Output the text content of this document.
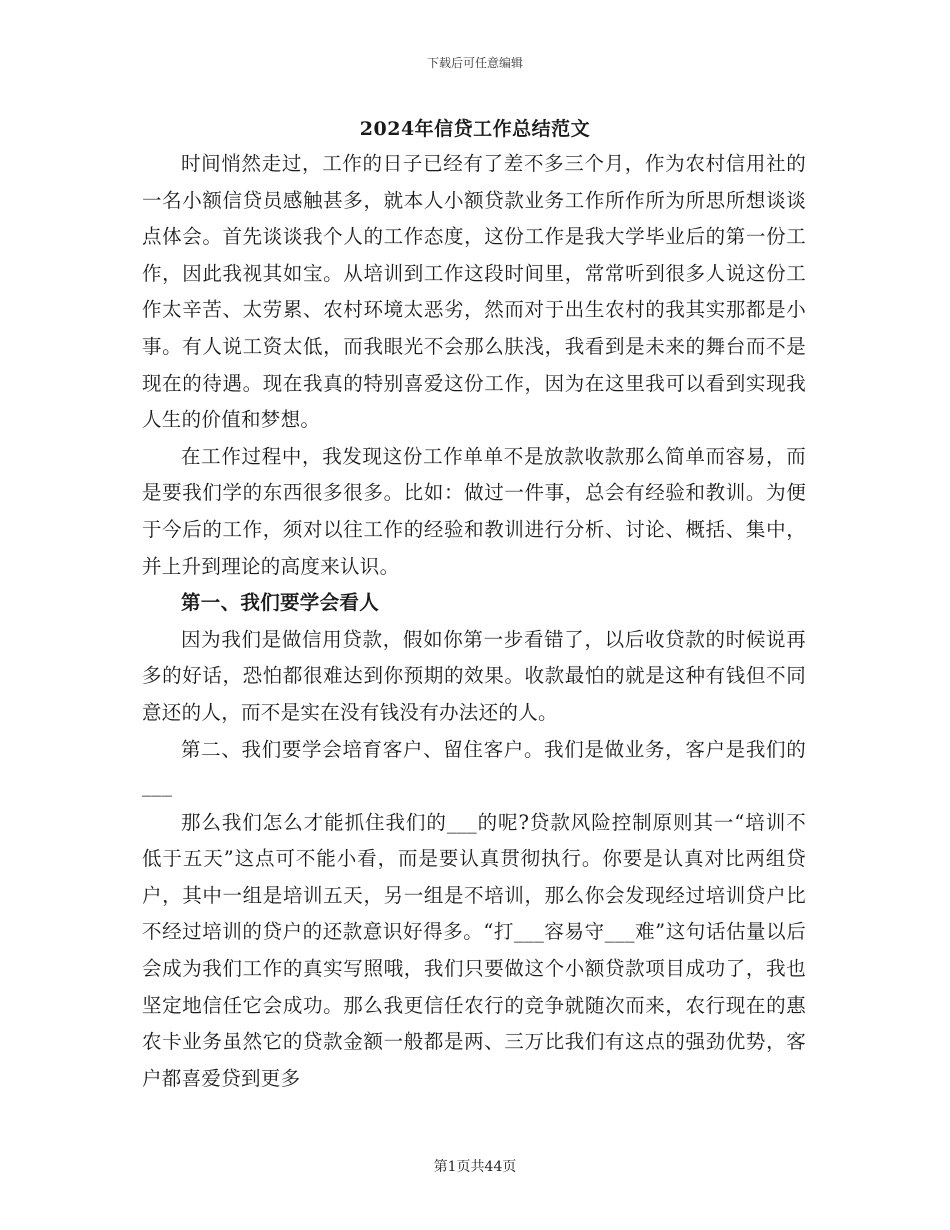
下载后可任意编辑
2024年信贷工作总结范文

时间悄然走过，工作的日子已经有了差不多三个月，作为农村信用社的一名小额信贷员感触甚多，就本人小额贷款业务工作所作所为所思所想谈谈点体会。首先谈谈我个人的工作态度，这份工作是我大学毕业后的第一份工作，因此我视其如宝。从培训到工作这段时间里，常常听到很多人说这份工作太辛苦、太劳累、农村环境太恶劣，然而对于出生农村的我其实那都是小事。有人说工资太低，而我眼光不会那么肤浅，我看到是未来的舞台而不是现在的待遇。现在我真的特别喜爱这份工作，因为在这里我可以看到实现我人生的价值和梦想。

在工作过程中，我发现这份工作单单不是放款收款那么简单而容易，而是要我们学的东西很多很多。比如：做过一件事，总会有经验和教训。为便于今后的工作，须对以往工作的经验和教训进行分析、讨论、概括、集中，并上升到理论的高度来认识。

第一、我们要学会看人

因为我们是做信用贷款，假如你第一步看错了，以后收贷款的时候说再多的好话，恐怕都很难达到你预期的效果。收款最怕的就是这种有钱但不同意还的人，而不是实在没有钱没有办法还的人。

第二、我们要学会培育客户、留住客户。我们是做业务，客户是我们的___

那么我们怎么才能抓住我们的___的呢?贷款风险控制原则其一“培训不低于五天”这点可不能小看，而是要认真贯彻执行。你要是认真对比两组贷户，其中一组是培训五天，另一组是不培训，那么你会发现经过培训贷户比不经过培训的贷户的还款意识好得多。“打___容易守___难”这句话估量以后会成为我们工作的真实写照哦，我们只要做这个小额贷款项目成功了，我也坚定地信任它会成功。那么我更信任农行的竞争就随次而来，农行现在的惠农卡业务虽然它的贷款金额一般都是两、三万比我们有这点的强劲优势，客户都喜爱贷到更多

第1页共44页
